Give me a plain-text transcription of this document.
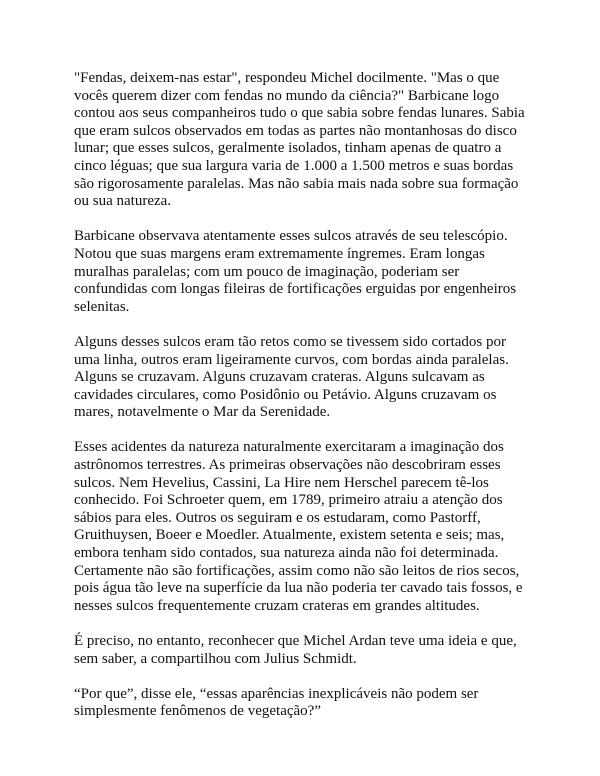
"Fendas, deixem-nas estar", respondeu Michel docilmente. "Mas o que vocês querem dizer com fendas no mundo da ciência?" Barbicane logo contou aos seus companheiros tudo o que sabia sobre fendas lunares. Sabia que eram sulcos observados em todas as partes não montanhosas do disco lunar; que esses sulcos, geralmente isolados, tinham apenas de quatro a cinco léguas; que sua largura varia de 1.000 a 1.500 metros e suas bordas são rigorosamente paralelas. Mas não sabia mais nada sobre sua formação ou sua natureza.

Barbicane observava atentamente esses sulcos através de seu telescópio. Notou que suas margens eram extremamente íngremes. Eram longas muralhas paralelas; com um pouco de imaginação, poderiam ser confundidas com longas fileiras de fortificações erguidas por engenheiros selenitas.

Alguns desses sulcos eram tão retos como se tivessem sido cortados por uma linha, outros eram ligeiramente curvos, com bordas ainda paralelas. Alguns se cruzavam. Alguns cruzavam crateras. Alguns sulcavam as cavidades circulares, como Posidônio ou Petávio. Alguns cruzavam os mares, notavelmente o Mar da Serenidade.

Esses acidentes da natureza naturalmente exercitaram a imaginação dos astrônomos terrestres. As primeiras observações não descobriram esses sulcos. Nem Hevelius, Cassini, La Hire nem Herschel parecem tê-los conhecido. Foi Schroeter quem, em 1789, primeiro atraiu a atenção dos sábios para eles. Outros os seguiram e os estudaram, como Pastorff, Gruithuysen, Boeer e Moedler. Atualmente, existem setenta e seis; mas, embora tenham sido contados, sua natureza ainda não foi determinada. Certamente não são fortificações, assim como não são leitos de rios secos, pois água tão leve na superfície da lua não poderia ter cavado tais fossos, e nesses sulcos frequentemente cruzam crateras em grandes altitudes.

É preciso, no entanto, reconhecer que Michel Ardan teve uma ideia e que, sem saber, a compartilhou com Julius Schmidt.

“Por que”, disse ele, “essas aparências inexplicáveis não podem ser simplesmente fenômenos de vegetação?”
